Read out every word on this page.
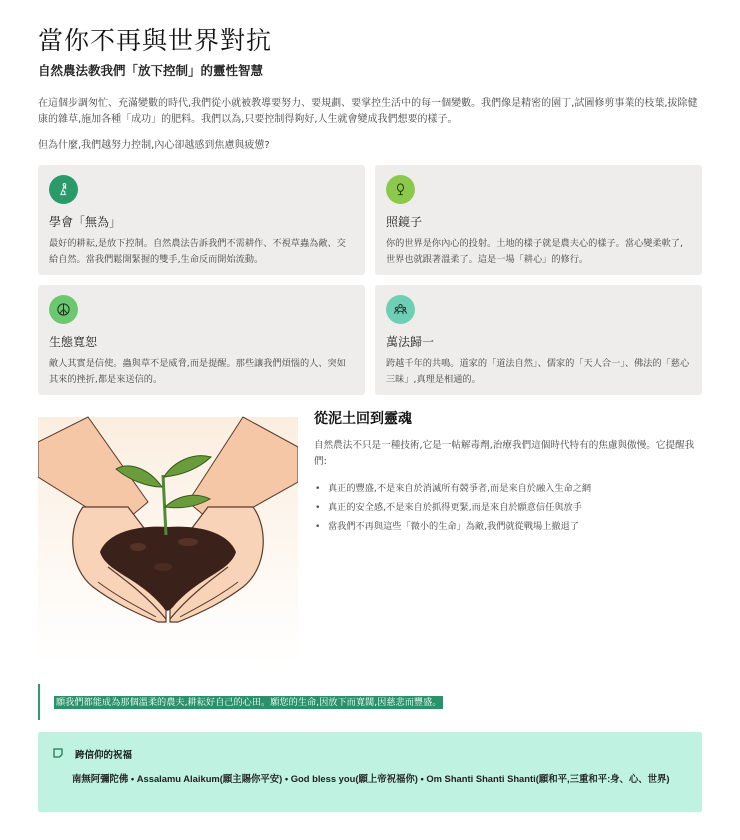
當你不再與世界對抗
自然農法教我們「放下控制」的靈性智慧

在這個步調匆忙、充滿變數的時代,我們從小就被教導要努力、要規劃、要掌控生活中的每一個變數。我們像是精密的園丁,試圖修剪事業的枝葉,拔除健康的雜草,施加各種「成功」的肥料。我們以為,只要控制得夠好,人生就會變成我們想要的樣子。

但為什麼,我們越努力控制,內心卻越感到焦慮與疲憊?

學會「無為」
最好的耕耘,是放下控制。自然農法告訴我們不需耕作、不視草蟲為敵、交給自然。當我們鬆開緊握的雙手,生命反而開始流動。
照鏡子
你的世界是你內心的投射。土地的樣子就是農夫心的樣子。當心變柔軟了,世界也就跟著溫柔了。這是一場「耕心」的修行。
生態寬恕
敵人其實是信使。蟲與草不是威脅,而是提醒。那些讓我們煩惱的人、突如其來的挫折,都是來送信的。
萬法歸一
跨越千年的共鳴。道家的「道法自然」、儒家的「天人合一」、佛法的「慈心三昧」,真理是相通的。
從泥土回到靈魂

自然農法不只是一種技術,它是一帖解毒劑,治療我們這個時代特有的焦慮與傲慢。它提醒我們:

• 真正的豐盛,不是來自於消滅所有競爭者,而是來自於融入生命之網
• 真正的安全感,不是來自於抓得更緊,而是來自於願意信任與放手
• 當我們不再與這些「微小的生命」為敵,我們就從戰場上撤退了
願我們都能成為那個溫柔的農夫,耕耘好自己的心田。願您的生命,因放下而寬闊,因慈悲而豐盛。
跨信仰的祝福
南無阿彌陀佛 • Assalamu Alaikum(願主賜你平安) • God bless you(願上帝祝福你) • Om Shanti Shanti Shanti(願和平,三重和平:身、心、世界)
